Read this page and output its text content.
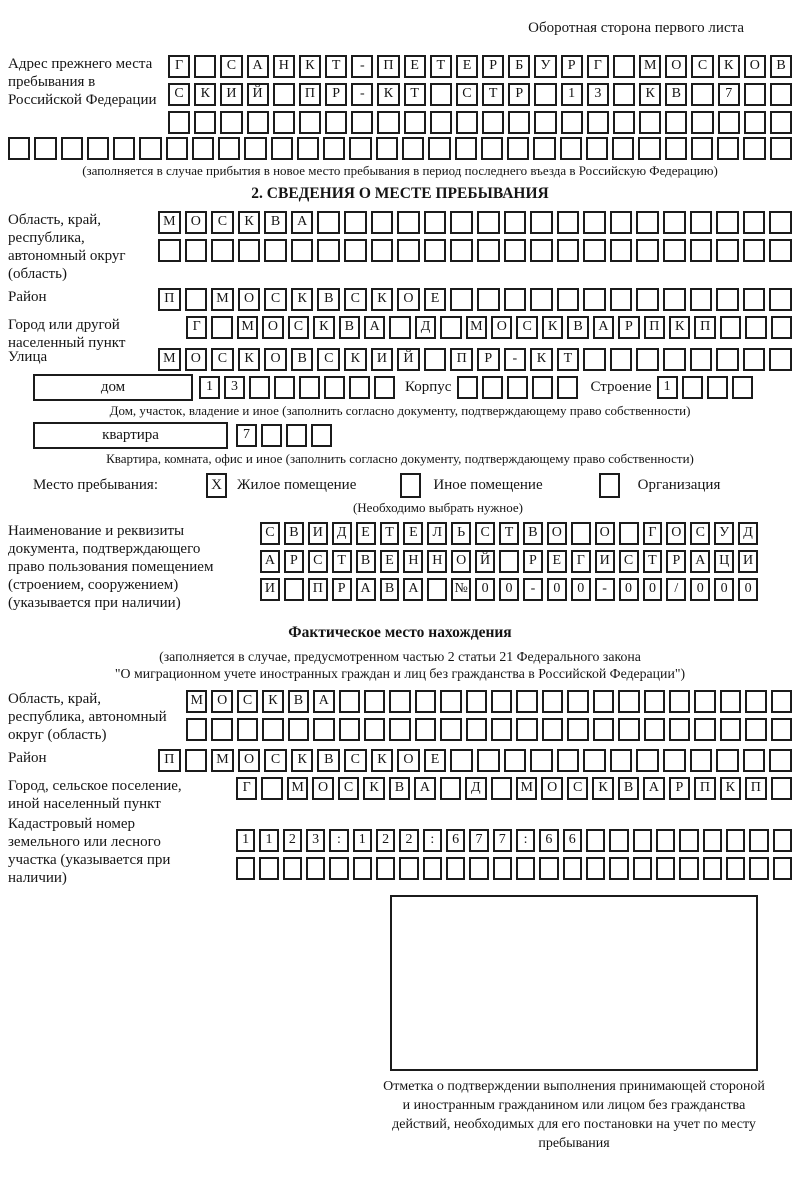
Оборотная сторона первого листа
Адрес прежнего места пребывания в Российской Федерации
Г	С	А	Н	К	Т	-	П	Е	Т	Е	Р	Б	У	Р	Г	М	О	С	К	О	В
С	К	И	Й	П	Р	-	К	Т	С	Т	Р	1	3	К	В	7
(заполняется в случае прибытия в новое место пребывания в период последнего въезда в Российскую Федерацию)
2. СВЕДЕНИЯ О МЕСТЕ ПРЕБЫВАНИЯ
Область, край, республика, автономный округ (область)
М	О	С	К	В	А
Район	П	М	О	С	К	В	С	К	О	Е
Город или другой населенный пункт
Г	М	О	С	К	В	А	Д	М	О	С	К	В	А	Р	П	К	П
Улица	М	О	С	К	О	В	С	К	И	Й	П	Р	-	К	Т
дом	1	3	Корпус	Строение 1
Дом, участок, владение и иное (заполнить согласно документу, подтверждающему право собственности)
квартира	7
Квартира, комната, офис и иное (заполнить согласно документу, подтверждающему право собственности)
Место пребывания:	X	Жилое помещение	Иное помещение	Организация
(Необходимо выбрать нужное)
Наименование и реквизиты документа, подтверждающего право пользования помещением (строением, сооружением) (указывается при наличии)
С	В	И	Д	Е	Т	Е	Л	Ь	С	Т	В	О	О	Г	О	С	У	Д
А	Р	С	Т	В	Е	Н Н О Й	Р	Е	Г	И	С	Т	Р	А Ц И
И	П	Р	А	В	А	№ 0	0	-	0	0	-	0	0	/	0	0	0
Фактическое место нахождения
(заполняется в случае, предусмотренном частью 2 статьи 21 Федерального закона
"О миграционном учете иностранных граждан и лиц без гражданства в Российской Федерации")
Область, край, республика, автономный округ (область)
М	О	С	К	В	А
Район	П	М	О	С	К	В	С	К	О	Е
Город, сельское поселение, иной населенный пункт
Г	М	О	С	К	В	А	Д	М	О	С	К	В	А	Р	П	К	П
Кадастровый номер земельного или лесного участка (указывается при наличии)
1	1	2	3	:	1	2	2	:	6	7	7	:	6	6
Отметка о подтверждении выполнения принимающей стороной и иностранным гражданином или лицом без гражданства действий, необходимых для его постановки на учет по месту пребывания
